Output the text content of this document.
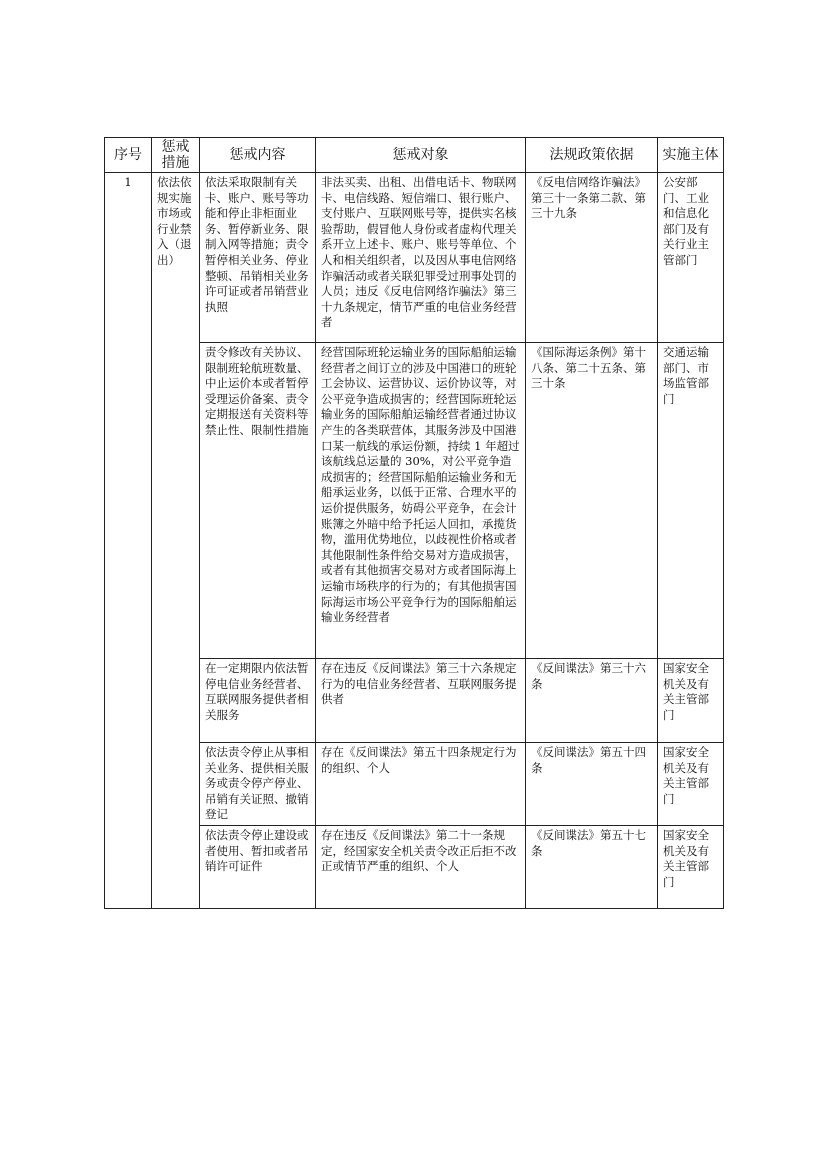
序号	惩戒措施	惩戒内容	惩戒对象	法规政策依据	实施主体
1	依法依规实施市场或行业禁入（退出）	依法采取限制有关卡、账户、账号等功能和停止非柜面业务、暂停新业务、限制入网等措施；责令暂停相关业务、停业整顿、吊销相关业务许可证或者吊销营业执照	非法买卖、出租、出借电话卡、物联网卡、电信线路、短信端口、银行账户、支付账户、互联网账号等，提供实名核验帮助，假冒他人身份或者虚构代理关系开立上述卡、账户、账号等单位、个人和相关组织者，以及因从事电信网络诈骗活动或者关联犯罪受过刑事处罚的人员；违反《反电信网络诈骗法》第三十九条规定，情节严重的电信业务经营者	《反电信网络诈骗法》第三十一条第二款、第三十九条	公安部门、工业和信息化部门及有关行业主管部门
		责令修改有关协议、限制班轮航班数量、中止运价本或者暂停受理运价备案、责令定期报送有关资料等禁止性、限制性措施	经营国际班轮运输业务的国际船舶运输经营者之间订立的涉及中国港口的班轮工会协议、运营协议、运价协议等，对公平竞争造成损害的；经营国际班轮运输业务的国际船舶运输经营者通过协议产生的各类联营体，其服务涉及中国港口某一航线的承运份额，持续 1 年超过该航线总运量的 30%，对公平竞争造成损害的；经营国际船舶运输业务和无船承运业务，以低于正常、合理水平的运价提供服务，妨碍公平竞争，在会计账簿之外暗中给予托运人回扣，承揽货物，滥用优势地位，以歧视性价格或者其他限制性条件给交易对方造成损害，或者有其他损害交易对方或者国际海上运输市场秩序的行为的；有其他损害国际海运市场公平竞争行为的国际船舶运输业务经营者	《国际海运条例》第十八条、第二十五条、第三十条	交通运输部门、市场监管部门
		在一定期限内依法暂停电信业务经营者、互联网服务提供者相关服务	存在违反《反间谍法》第三十六条规定行为的电信业务经营者、互联网服务提供者	《反间谍法》第三十六条	国家安全机关及有关主管部门
		依法责令停止从事相关业务、提供相关服务或责令停产停业、吊销有关证照、撤销登记	存在《反间谍法》第五十四条规定行为的组织、个人	《反间谍法》第五十四条	国家安全机关及有关主管部门
		依法责令停止建设或者使用、暂扣或者吊销许可证件	存在违反《反间谍法》第二十一条规定，经国家安全机关责令改正后拒不改正或情节严重的组织、个人	《反间谍法》第五十七条	国家安全机关及有关主管部门
